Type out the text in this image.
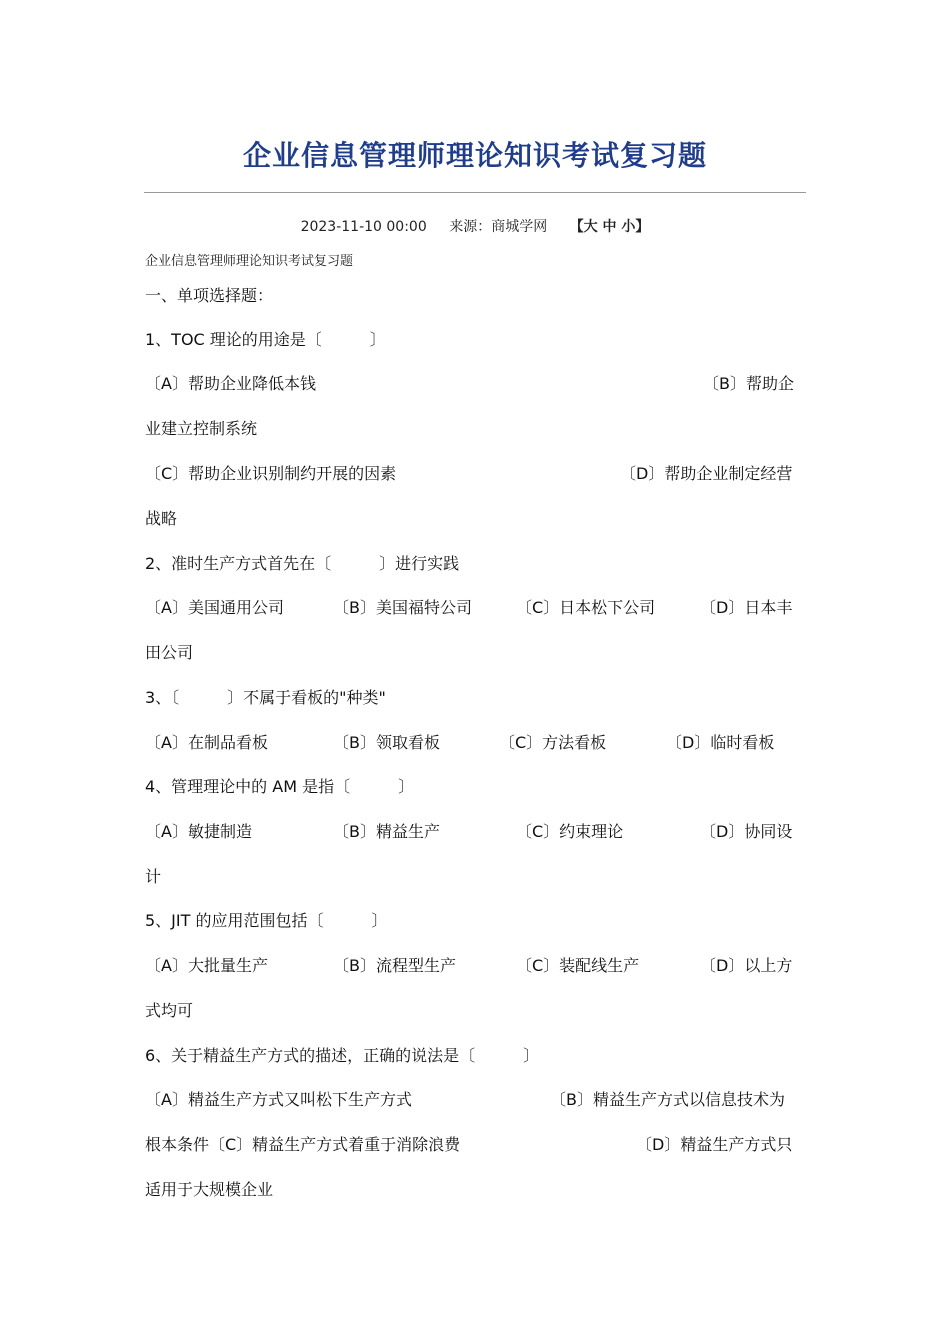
企业信息管理师理论知识考试复习题
2023-11-10 00:00 来源：商城学网 【大 中 小】
企业信息管理师理论知识考试复习题
一、单项选择题：
1、TOC 理论的用途是〔　　　〕
〔A〕帮助企业降低本钱	〔B〕帮助企
业建立控制系统
〔C〕帮助企业识别制约开展的因素	〔D〕帮助企业制定经营
战略
2、准时生产方式首先在〔　　　〕进行实践
〔A〕美国通用公司	〔B〕美国福特公司	〔C〕日本松下公司	〔D〕日本丰
田公司
3、〔　　　〕不属于看板的"种类"
〔A〕在制品看板	〔B〕领取看板	〔C〕方法看板	〔D〕临时看板
4、管理理论中的 AM 是指〔　　　〕
〔A〕敏捷制造	〔B〕精益生产	〔C〕约束理论	〔D〕协同设
计
5、JIT 的应用范围包括〔　　　〕
〔A〕大批量生产	〔B〕流程型生产	〔C〕装配线生产	〔D〕以上方
式均可
6、关于精益生产方式的描述，正确的说法是〔　　　〕
〔A〕精益生产方式又叫松下生产方式	〔B〕精益生产方式以信息技术为
根本条件〔C〕精益生产方式着重于消除浪费	〔D〕精益生产方式只
适用于大规模企业
